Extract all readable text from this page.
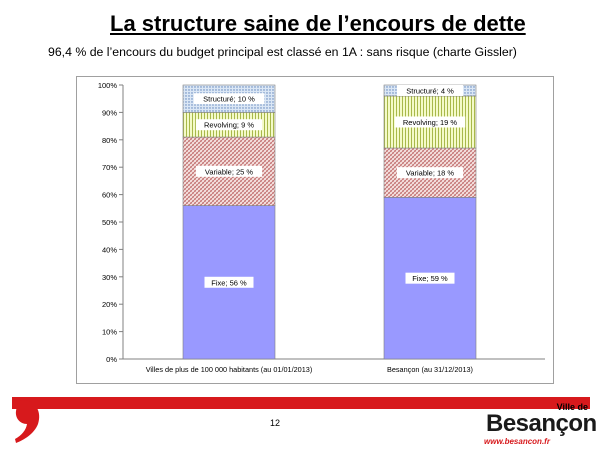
La structure saine de l’encours de dette
96,4 % de l’encours du budget principal est classé en 1A : sans risque (charte Gissler)
0%
10%
20%
30%
40%
50%
60%
70%
80%
90%
100%
Villes de plus de 100 000 habitants (au 01/01/2013)	Besançon (au 31/12/2013)
Fixe; 56 %
Variable; 25 %
Revolving; 9 %
Structuré; 10 %
Fixe; 59 %
Variable; 18 %
Revolving; 19 %
Structuré; 4 %
12
Ville de
Besançon
www.besancon.fr
